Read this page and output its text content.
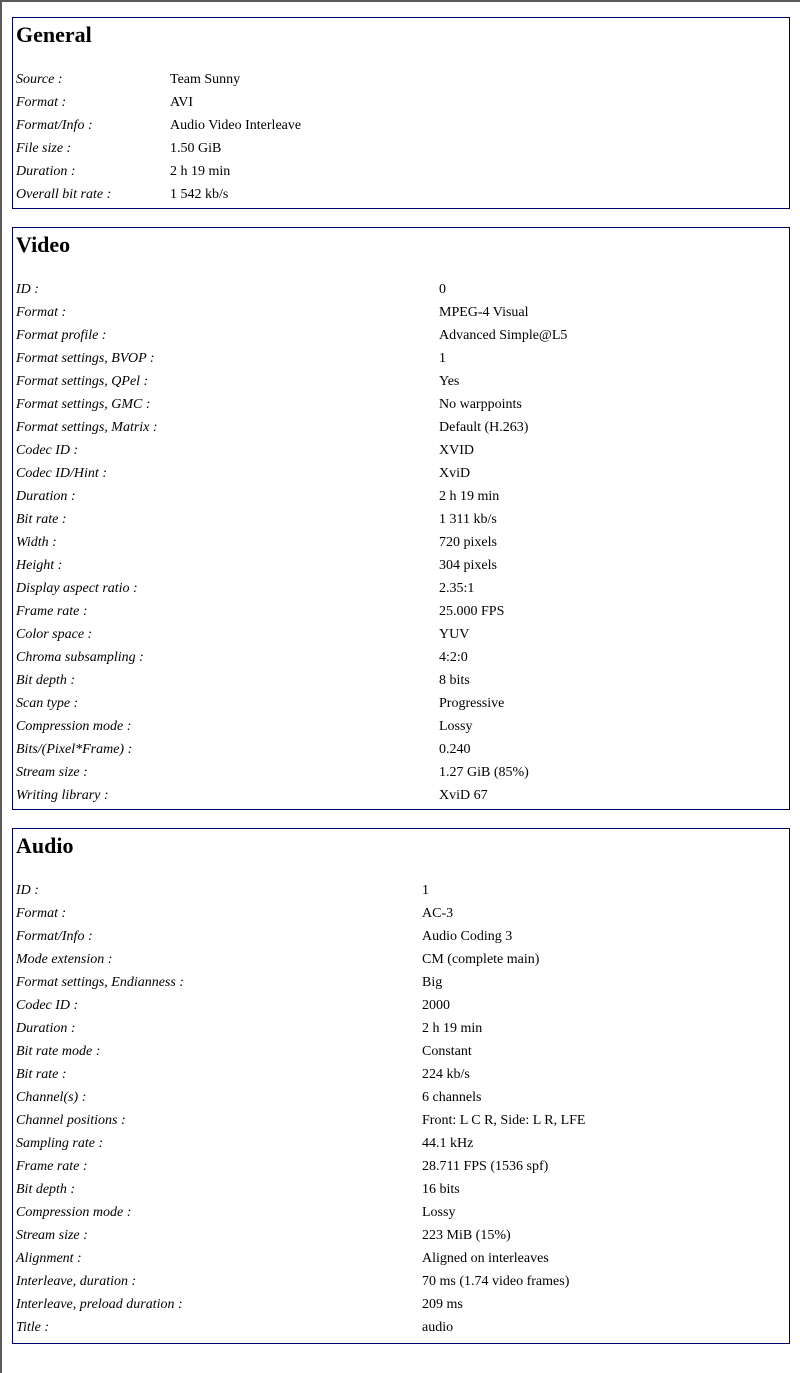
General
Source :	Team Sunny
Format :	AVI
Format/Info :	Audio Video Interleave
File size :	1.50 GiB
Duration :	2 h 19 min
Overall bit rate :	1 542 kb/s
Video
ID :	0
Format :	MPEG-4 Visual
Format profile :	Advanced Simple@L5
Format settings, BVOP :	1
Format settings, QPel :	Yes
Format settings, GMC :	No warppoints
Format settings, Matrix :	Default (H.263)
Codec ID :	XVID
Codec ID/Hint :	XviD
Duration :	2 h 19 min
Bit rate :	1 311 kb/s
Width :	720 pixels
Height :	304 pixels
Display aspect ratio :	2.35:1
Frame rate :	25.000 FPS
Color space :	YUV
Chroma subsampling :	4:2:0
Bit depth :	8 bits
Scan type :	Progressive
Compression mode :	Lossy
Bits/(Pixel*Frame) :	0.240
Stream size :	1.27 GiB (85%)
Writing library :	XviD 67
Audio
ID :	1
Format :	AC-3
Format/Info :	Audio Coding 3
Mode extension :	CM (complete main)
Format settings, Endianness :	Big
Codec ID :	2000
Duration :	2 h 19 min
Bit rate mode :	Constant
Bit rate :	224 kb/s
Channel(s) :	6 channels
Channel positions :	Front: L C R, Side: L R, LFE
Sampling rate :	44.1 kHz
Frame rate :	28.711 FPS (1536 spf)
Bit depth :	16 bits
Compression mode :	Lossy
Stream size :	223 MiB (15%)
Alignment :	Aligned on interleaves
Interleave, duration :	70 ms (1.74 video frames)
Interleave, preload duration :	209 ms
Title :	audio
